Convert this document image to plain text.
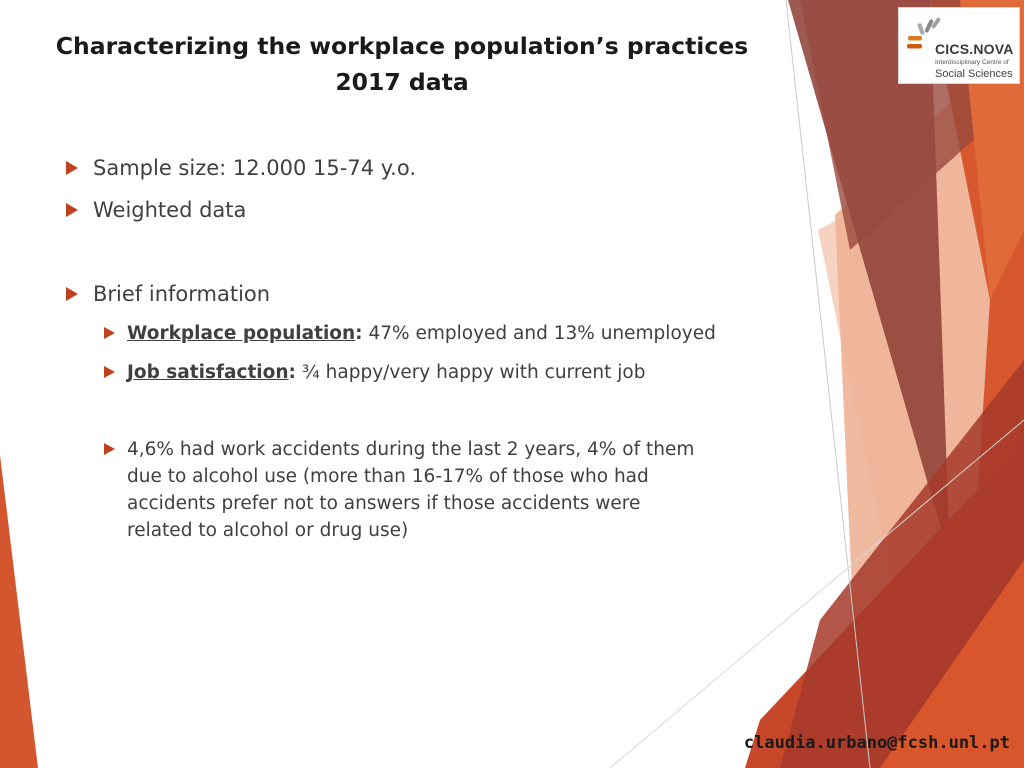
Characterizing the workplace population’s practices
2017 data
CICS.NOVA
Interdisciplinary Centre of
Social Sciences
Sample size: 12.000 15-74 y.o.
Weighted data
Brief information
Workplace population: 47% employed and 13% unemployed
Job satisfaction: ¾ happy/very happy with current job
4,6% had work accidents during the last 2 years, 4% of them
due to alcohol use (more than 16-17% of those who had
accidents prefer not to answers if those accidents were
related to alcohol or drug use)
claudia.urbano@fcsh.unl.pt
